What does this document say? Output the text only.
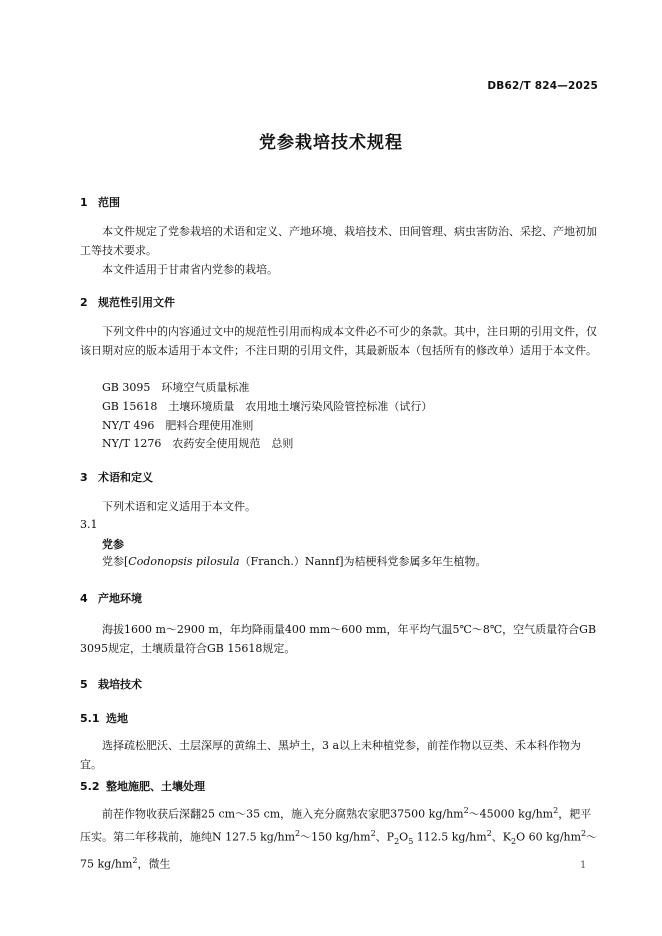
DB62/T 824—2025
党参栽培技术规程
1 范围
本文件规定了党参栽培的术语和定义、产地环境、栽培技术、田间管理、病虫害防治、采挖、产地初加工等技术要求。
本文件适用于甘肃省内党参的栽培。
2 规范性引用文件
下列文件中的内容通过文中的规范性引用而构成本文件必不可少的条款。其中，注日期的引用文件，仅该日期对应的版本适用于本文件；不注日期的引用文件，其最新版本（包括所有的修改单）适用于本文件。
GB 3095　环境空气质量标准
GB 15618　土壤环境质量　农用地土壤污染风险管控标准（试行）
NY/T 496　肥料合理使用准则
NY/T 1276　农药安全使用规范　总则
3 术语和定义
下列术语和定义适用于本文件。
3.1
党参
党参[Codonopsis pilosula（Franch.）Nannf]为桔梗科党参属多年生植物。
4 产地环境
海拔1600 m～2900 m，年均降雨量400 mm～600 mm，年平均气温5℃～8℃，空气质量符合GB 3095规定，土壤质量符合GB 15618规定。
5 栽培技术
5.1 选地
选择疏松肥沃、土层深厚的黄绵土、黑垆土，3 a以上未种植党参，前茬作物以豆类、禾本科作物为宜。
5.2 整地施肥、土壤处理
前茬作物收获后深翻25 cm～35 cm，施入充分腐熟农家肥37500 $kg/hm^2\sim 45000$ $kg/hm^2$，耙平压实。第二年移栽前，施纯N 127.5 $kg/hm^2\sim 150$ $kg/hm^2$、$P_2O_5$ 112.5 $kg/hm^2$、$K_2O$ 60 $kg/hm^2\sim 75$ $kg/hm^2$，微生	1
